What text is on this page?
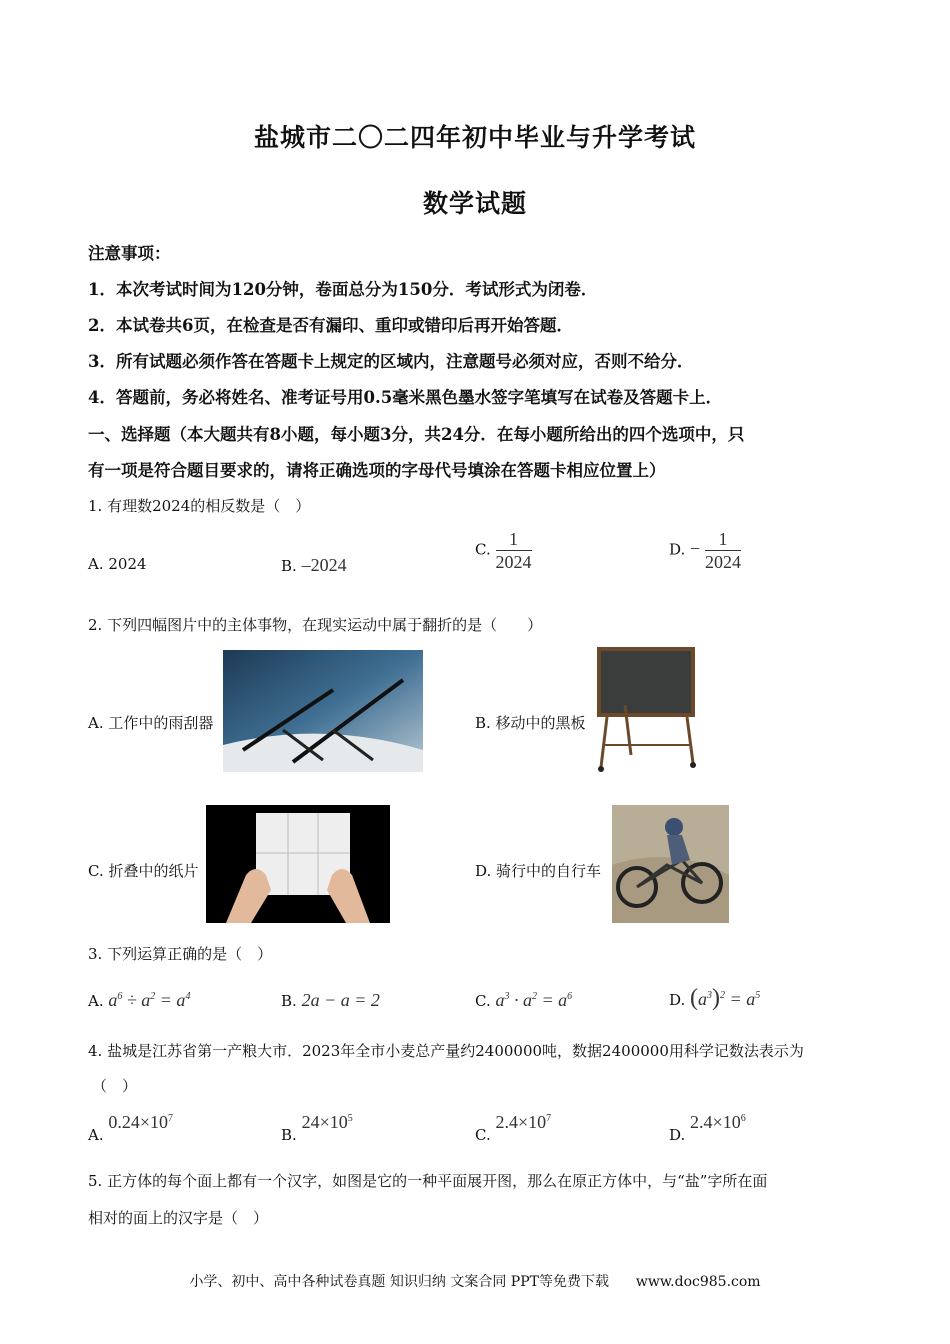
盐城市二〇二四年初中毕业与升学考试
数学试题
注意事项：
1．本次考试时间为120分钟，卷面总分为150分．考试形式为闭卷．
2．本试卷共6页，在检查是否有漏印、重印或错印后再开始答题．
3．所有试题必须作答在答题卡上规定的区域内，注意题号必须对应，否则不给分．
4．答题前，务必将姓名、准考证号用0.5毫米黑色墨水签字笔填写在试卷及答题卡上．
一、选择题（本大题共有8小题，每小题3分，共24分．在每小题所给出的四个选项中，只
有一项是符合题目要求的，请将正确选项的字母代号填涂在答题卡相应位置上）
1. 有理数2024的相反数是（　）
A. 2024	B. –2024
C. $\frac{1}{2024}$	D. − $\frac{1}{2024}$
2. 下列四幅图片中的主体事物，在现实运动中属于翻折的是（　　）
A. 工作中的雨刮器	B. 移动中的黑板
C. 折叠中的纸片	D. 骑行中的自行车
3. 下列运算正确的是（　）
A. $a^6 \div a^2 = a^4$	B. 2a − a = 2	C. $a^3 \cdot a^2 = a^6$	D. $(a^3)^2 = a^5$
4. 盐城是江苏省第一产粮大市．2023年全市小麦总产量约2400000吨，数据2400000用科学记数法表示为
（　）
A. $0.24\times 10^7$
B. $24\times 10^5$
C. $2.4\times 10^7$
D. $2.4\times 10^6$
5. 正方体的每个面上都有一个汉字，如图是它的一种平面展开图，那么在原正方体中，与“盐”字所在面
相对的面上的汉字是（　）
小学、初中、高中各种试卷真题 知识归纳 文案合同 PPT等免费下载 www.doc985.com
